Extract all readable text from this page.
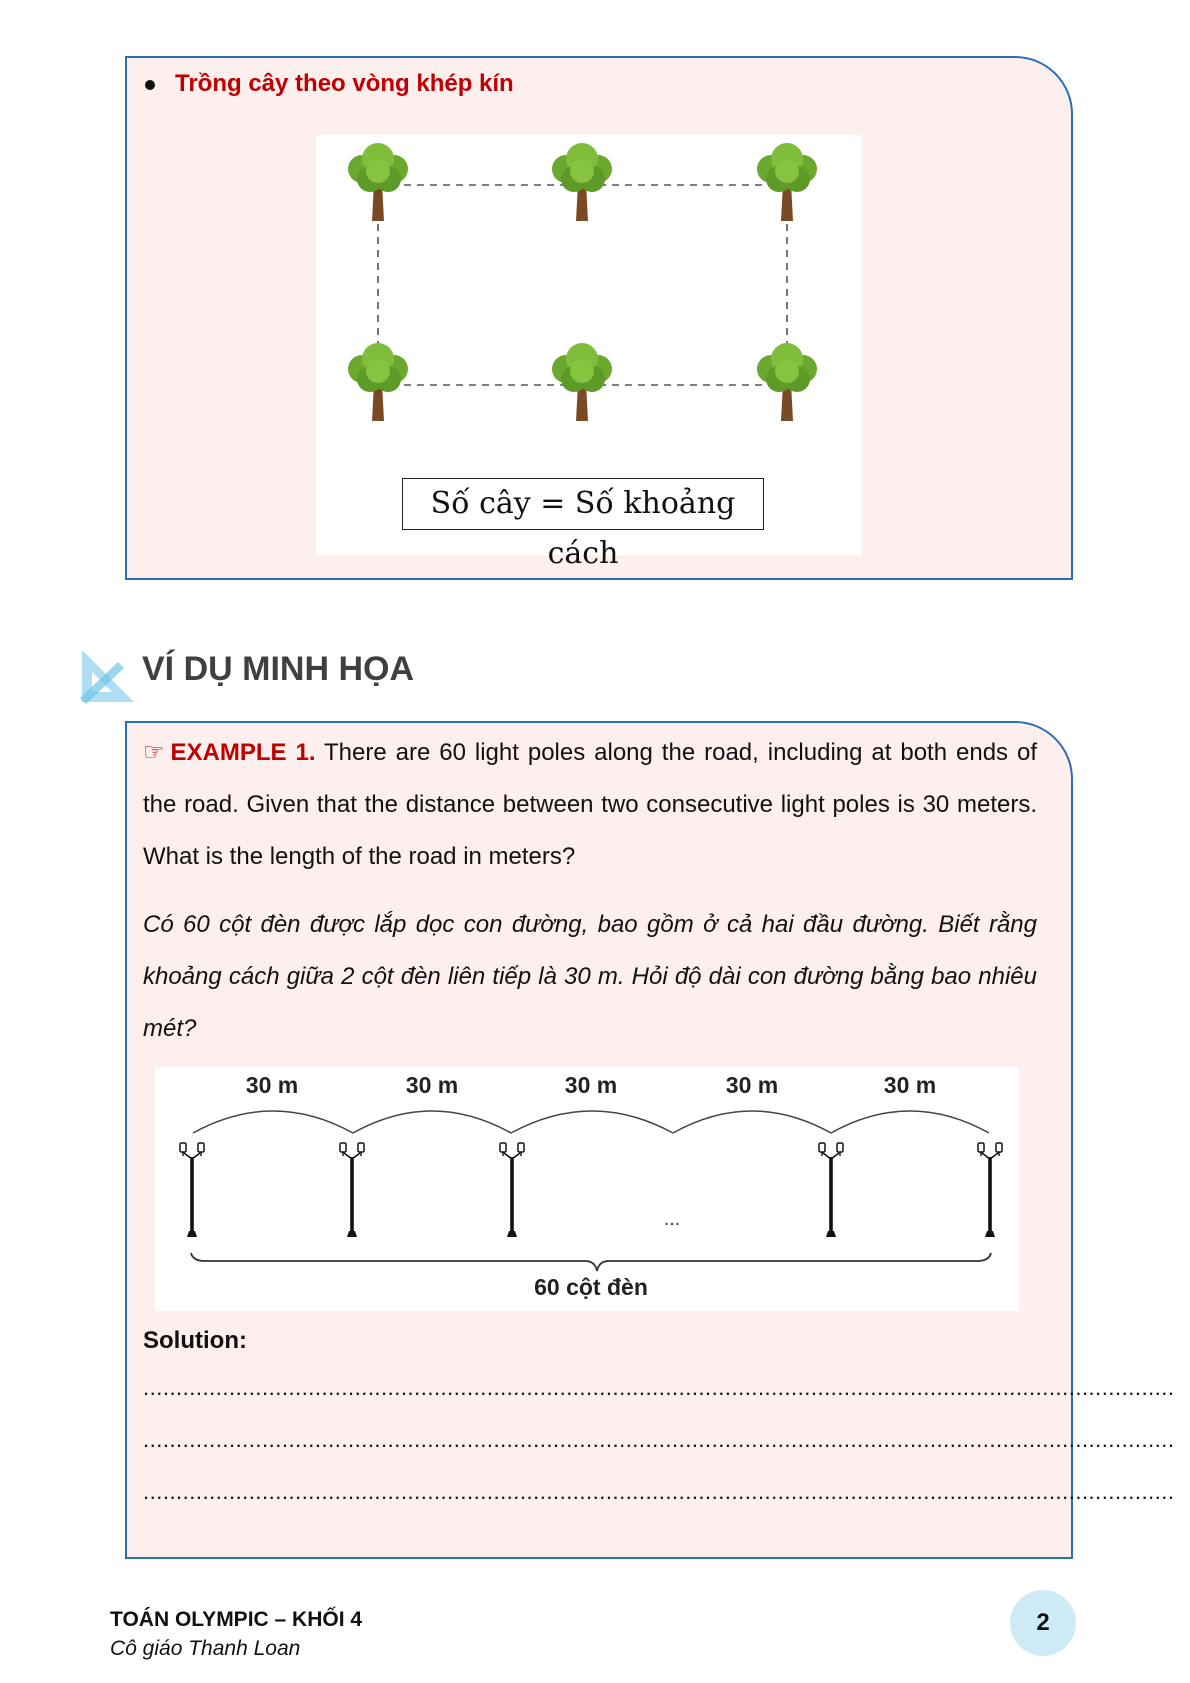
Trồng cây theo vòng khép kín
Số cây = Số khoảng cách
VÍ DỤ MINH HỌA
☞ EXAMPLE 1. There are 60 light poles along the road, including at both ends of the road. Given that the distance between two consecutive light poles is 30 meters. What is the length of the road in meters?
Có 60 cột đèn được lắp dọc con đường, bao gồm ở cả hai đầu đường. Biết rằng khoảng cách giữa 2 cột đèn liên tiếp là 30 m. Hỏi độ dài con đường bằng bao nhiêu mét?
30 m	30 m	30 m	30 m	30 m
...
60 cột đèn
Solution:
............................................................................................................................................................
............................................................................................................................................................
............................................................................................................................................................
TOÁN OLYMPIC – KHỐI 4
Cô giáo Thanh Loan
2
